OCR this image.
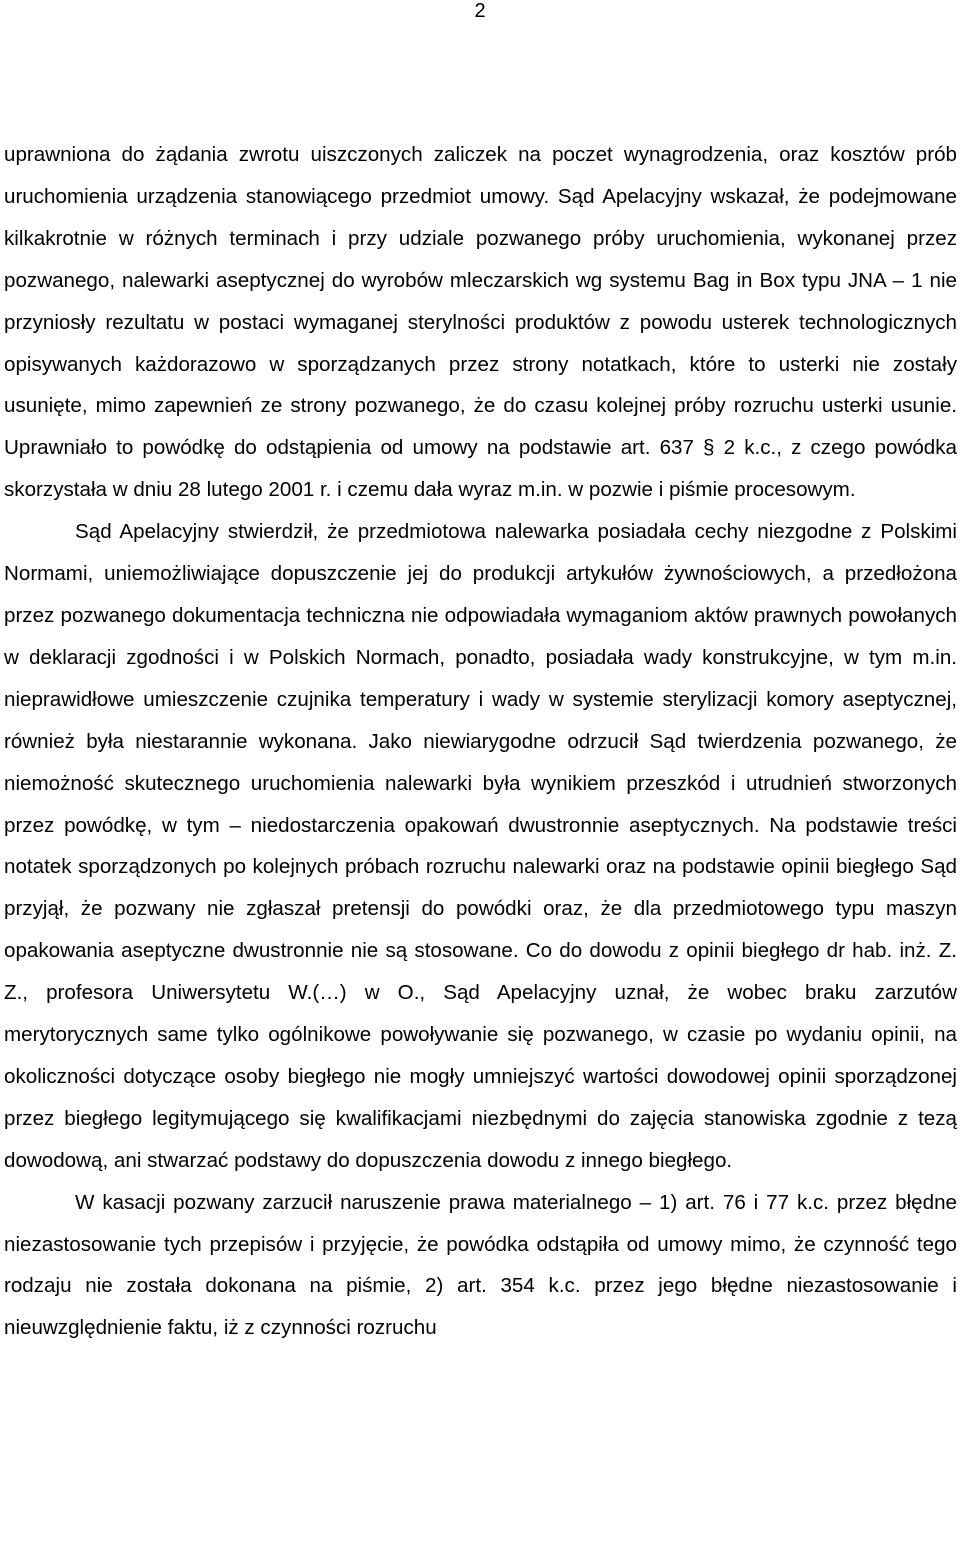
2

uprawniona do żądania zwrotu uiszczonych zaliczek na poczet wynagrodzenia, oraz kosztów prób uruchomienia urządzenia stanowiącego przedmiot umowy. Sąd Apelacyjny wskazał, że podejmowane kilkakrotnie w różnych terminach i przy udziale pozwanego próby uruchomienia, wykonanej przez pozwanego, nalewarki aseptycznej do wyrobów mleczarskich wg systemu Bag in Box typu JNA – 1 nie przyniosły rezultatu w postaci wymaganej sterylności produktów z powodu usterek technologicznych opisywanych każdorazowo w sporządzanych przez strony notatkach, które to usterki nie zostały usunięte, mimo zapewnień ze strony pozwanego, że do czasu kolejnej próby rozruchu usterki usunie. Uprawniało to powódkę do odstąpienia od umowy na podstawie art. 637 § 2 k.c., z czego powódka skorzystała w dniu 28 lutego 2001 r. i czemu dała wyraz m.in. w pozwie i piśmie procesowym.

Sąd Apelacyjny stwierdził, że przedmiotowa nalewarka posiadała cechy niezgodne z Polskimi Normami, uniemożliwiające dopuszczenie jej do produkcji artykułów żywnościowych, a przedłożona przez pozwanego dokumentacja techniczna nie odpowiadała wymaganiom aktów prawnych powołanych w deklaracji zgodności i w Polskich Normach, ponadto, posiadała wady konstrukcyjne, w tym m.in. nieprawidłowe umieszczenie czujnika temperatury i wady w systemie sterylizacji komory aseptycznej, również była niestarannie wykonana. Jako niewiarygodne odrzucił Sąd twierdzenia pozwanego, że niemożność skutecznego uruchomienia nalewarki była wynikiem przeszkód i utrudnień stworzonych przez powódkę, w tym – niedostarczenia opakowań dwustronnie aseptycznych. Na podstawie treści notatek sporządzonych po kolejnych próbach rozruchu nalewarki oraz na podstawie opinii biegłego Sąd przyjął, że pozwany nie zgłaszał pretensji do powódki oraz, że dla przedmiotowego typu maszyn opakowania aseptyczne dwustronnie nie są stosowane. Co do dowodu z opinii biegłego dr hab. inż. Z. Z., profesora Uniwersytetu W.(…) w O., Sąd Apelacyjny uznał, że wobec braku zarzutów merytorycznych same tylko ogólnikowe powoływanie się pozwanego, w czasie po wydaniu opinii, na okoliczności dotyczące osoby biegłego nie mogły umniejszyć wartości dowodowej opinii sporządzonej przez biegłego legitymującego się kwalifikacjami niezbędnymi do zajęcia stanowiska zgodnie z tezą dowodową, ani stwarzać podstawy do dopuszczenia dowodu z innego biegłego.

W kasacji pozwany zarzucił naruszenie prawa materialnego – 1) art. 76 i 77 k.c. przez błędne niezastosowanie tych przepisów i przyjęcie, że powódka odstąpiła od umowy mimo, że czynność tego rodzaju nie została dokonana na piśmie, 2) art. 354 k.c. przez jego błędne niezastosowanie i nieuwzględnienie faktu, iż z czynności rozruchu
